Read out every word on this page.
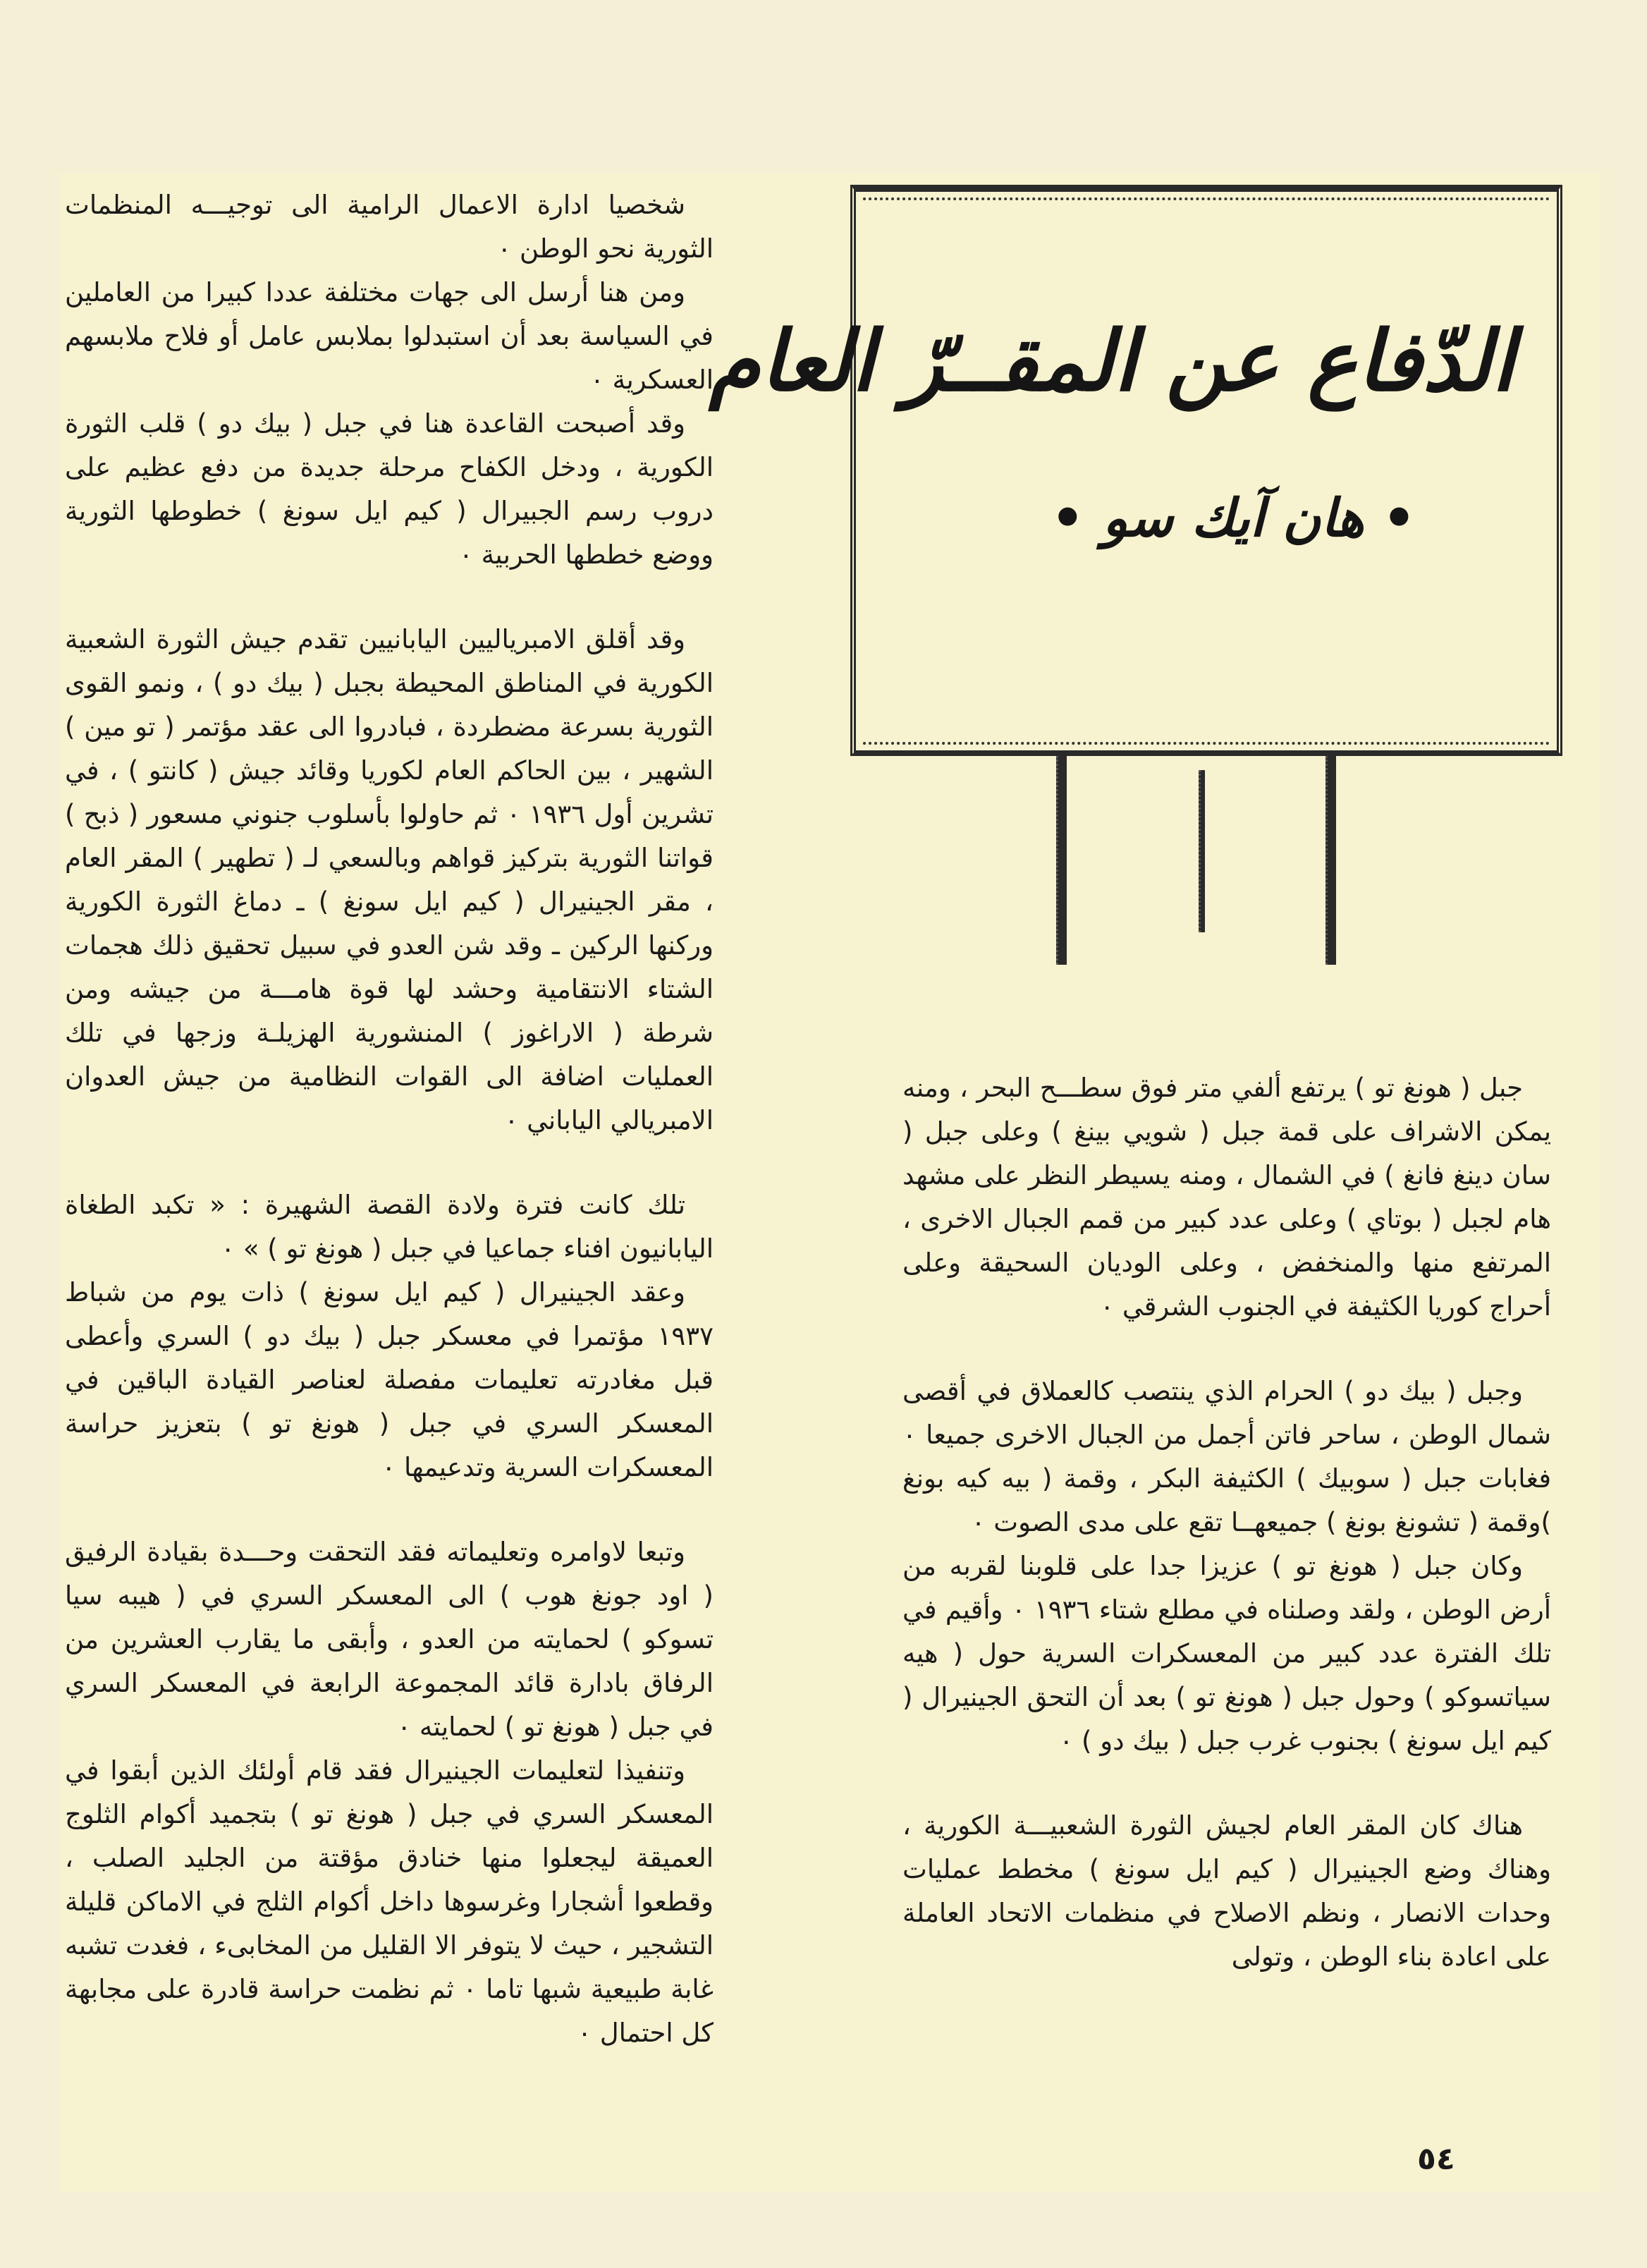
الدّفاع عن المقــرّ العام
• هان آيك سو •

شخصيا ادارة الاعمال الرامية الى توجيـــه المنظمات الثورية نحو الوطن ٠

ومن هنا أرسل الى جهات مختلفة عددا كبيرا من العاملين في السياسة بعد أن استبدلوا بملابس عامل أو فلاح ملابسهم العسكرية ٠

وقد أصبحت القاعدة هنا في جبل ( بيك دو ) قلب الثورة الكورية ، ودخل الكفاح مرحلة جديدة من دفع عظيم على دروب رسم الجبيرال ( كيم ايل سونغ ) خطوطها الثورية ووضع خططها الحربية ٠

وقد أقلق الامبرياليين اليابانيين تقدم جيش الثورة الشعبية الكورية في المناطق المحيطة بجبل ( بيك دو ) ، ونمو القوى الثورية بسرعة مضطردة ، فبادروا الى عقد مؤتمر ( تو مين ) الشهير ، بين الحاكم العام لكوريا وقائد جيش ( كانتو ) ، في تشرين أول ١٩٣٦ ٠ ثم حاولوا بأسلوب جنوني مسعور ( ذبح ) قواتنا الثورية بتركيز قواهم وبالسعي لـ ( تطهير ) المقر العام ، مقر الجينيرال ( كيم ايل سونغ ) ـ دماغ الثورة الكورية وركنها الركين ـ وقد شن العدو في سبيل تحقيق ذلك هجمات الشتاء الانتقامية وحشد لها قوة هامـــة من جيشه ومن شرطة ( الاراغوز ) المنشورية الهزيلـة وزجها في تلك العمليات اضافة الى القوات النظامية من جيش العدوان الامبريالي الياباني ٠

تلك كانت فترة ولادة القصة الشهيرة : « تكبد الطغاة اليابانيون افناء جماعيا في جبل ( هونغ تو ) » ٠

وعقد الجينيرال ( كيم ايل سونغ ) ذات يوم من شباط ١٩٣٧ مؤتمرا في معسكر جبل ( بيك دو ) السري وأعطى قبل مغادرته تعليمات مفصلة لعناصر القيادة الباقين في المعسكر السري في جبل ( هونغ تو ) بتعزيز حراسة المعسكرات السرية وتدعيمها ٠

وتبعا لاوامره وتعليماته فقد التحقت وحـــدة بقيادة الرفيق ( اود جونغ هوب ) الى المعسكر السري في ( هيبه سيا تسوكو ) لحمايته من العدو ، وأبقى ما يقارب العشرين من الرفاق بادارة قائد المجموعة الرابعة في المعسكر السري في جبل ( هونغ تو ) لحمايته ٠

وتنفيذا لتعليمات الجينيرال فقد قام أولئك الذين أبقوا في المعسكر السري في جبل ( هونغ تو ) بتجميد أكوام الثلوج العميقة ليجعلوا منها خنادق مؤقتة من الجليد الصلب ، وقطعوا أشجارا وغرسوها داخل أكوام الثلج في الاماكن قليلة التشجير ، حيث لا يتوفر الا القليل من المخابىء ، فغدت تشبه غابة طبيعية شبها تاما ٠ ثم نظمت حراسة قادرة على مجابهة كل احتمال ٠

جبل ( هونغ تو ) يرتفع ألفي متر فوق سطـــح البحر ، ومنه يمكن الاشراف على قمة جبل ( شويي بينغ ) وعلى جبل ( سان دينغ فانغ ) في الشمال ، ومنه يسيطر النظر على مشهد هام لجبل ( بوتاي ) وعلى عدد كبير من قمم الجبال الاخرى ، المرتفع منها والمنخفض ، وعلى الوديان السحيقة وعلى أحراج كوريا الكثيفة في الجنوب الشرقي ٠

وجبل ( بيك دو ) الحرام الذي ينتصب كالعملاق في أقصى شمال الوطن ، ساحر فاتن أجمل من الجبال الاخرى جميعا ٠ فغابات جبل ( سوبيك ) الكثيفة البكر ، وقمة ( بيه كيه بونغ )وقمة ( تشونغ بونغ ) جميعهــا تقع على مدى الصوت ٠

وكان جبل ( هونغ تو ) عزيزا جدا على قلوبنا لقربه من أرض الوطن ، ولقد وصلناه في مطلع شتاء ١٩٣٦ ٠ وأقيم في تلك الفترة عدد كبير من المعسكرات السرية حول ( هيه سياتسوكو ) وحول جبل ( هونغ تو ) بعد أن التحق الجينيرال ( كيم ايل سونغ ) بجنوب غرب جبل ( بيك دو ) ٠

هناك كان المقر العام لجيش الثورة الشعبيـــة الكورية ، وهناك وضع الجينيرال ( كيم ايل سونغ ) مخطط عمليات وحدات الانصار ، ونظم الاصلاح في منظمات الاتحاد العاملة على اعادة بناء الوطن ، وتولى

٥٤
